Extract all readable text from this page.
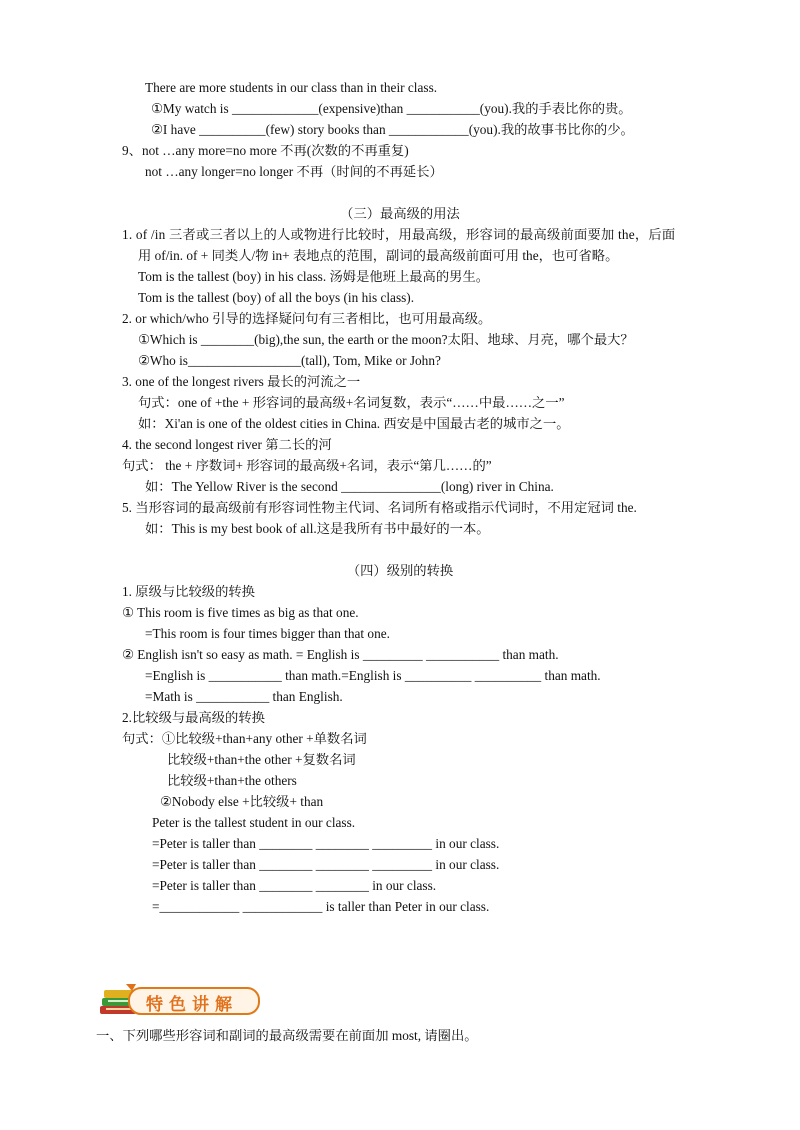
There are more students in our class than in their class.
①My watch is _____________(expensive)than ___________(you).我的手表比你的贵。
②I have __________(few) story books than ____________(you).我的故事书比你的少。
9、not …any more=no more 不再(次数的不再重复)
not …any longer=no longer 不再（时间的不再延长）
（三）最高级的用法
1. of /in 三者或三者以上的人或物进行比较时，用最高级，形容词的最高级前面要加 the，后面
用 of/in. of + 同类人/物 in+ 表地点的范围，副词的最高级前面可用 the，也可省略。
Tom is the tallest (boy) in his class. 汤姆是他班上最高的男生。
Tom is the tallest (boy) of all the boys (in his class).
2. or which/who 引导的选择疑问句有三者相比，也可用最高级。
①Which is ________(big),the sun, the earth or the moon?太阳、地球、月亮，哪个最大？
②Who is_________________(tall), Tom, Mike or John?
3. one of the longest rivers 最长的河流之一
句式：one of +the + 形容词的最高级+名词复数，表示“……中最……之一”
如：Xi'an is one of the oldest cities in China. 西安是中国最古老的城市之一。
4. the second longest river 第二长的河
句式： the + 序数词+ 形容词的最高级+名词，表示“第几……的”
如：The Yellow River is the second _______________(long) river in China.
5. 当形容词的最高级前有形容词性物主代词、名词所有格或指示代词时，不用定冠词 the.
如：This is my best book of all.这是我所有书中最好的一本。
（四）级别的转换
1. 原级与比较级的转换
① This room is five times as big as that one.
=This room is four times bigger than that one.
② English isn't so easy as math. = English is _________ ___________ than math.
=English is ___________ than math.=English is __________ __________ than math.
=Math is ___________ than English.
2.比较级与最高级的转换
句式：①比较级+than+any other +单数名词
比较级+than+the other +复数名词
比较级+than+the others
②Nobody else +比较级+ than
Peter is the tallest student in our class.
=Peter is taller than ________ ________ _________ in our class.
=Peter is taller than ________ ________ _________ in our class.
=Peter is taller than ________ ________ in our class.
=____________ ____________ is taller than Peter in our class.
特色讲解
一、下列哪些形容词和副词的最高级需要在前面加 most, 请圈出。
